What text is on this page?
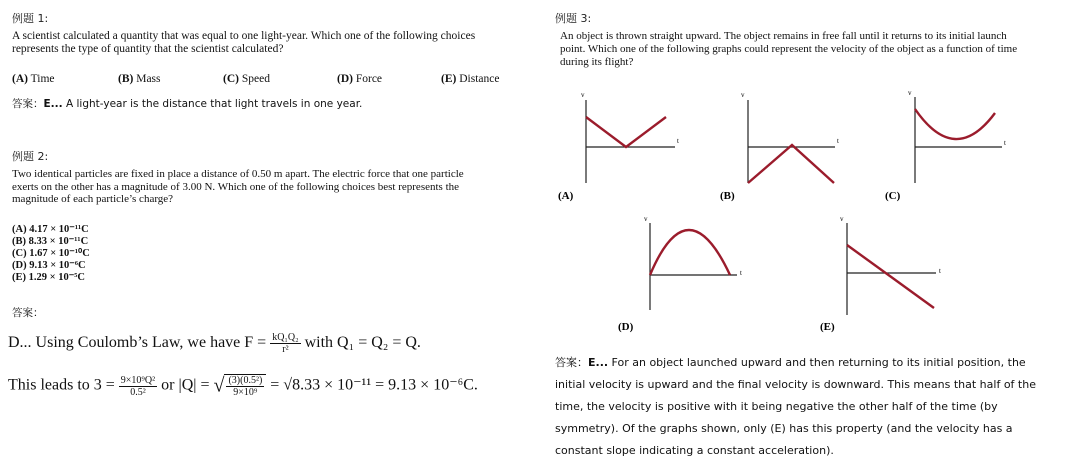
例题 1:
A scientist calculated a quantity that was equal to one light-year. Which one of the following choices
represents the type of quantity that the scientist calculated?
(A) Time	(B) Mass	(C) Speed	(D) Force	(E) Distance
答案：E... A light-year is the distance that light travels in one year.
例题 2:
Two identical particles are fixed in place a distance of 0.50 m apart. The electric force that one particle
exerts on the other has a magnitude of 3.00 N. Which one of the following choices best represents the
magnitude of each particle’s charge?
(A) 4.17 × 10⁻¹¹C
(B) 8.33 × 10⁻¹¹C
(C) 1.67 × 10⁻¹⁰C
(D) 9.13 × 10⁻⁶C
(E) 1.29 × 10⁻⁵C
答案：
D... Using Coulomb’s Law, we have $F = \frac{\text{kQ₁Q₂}}{\text{r²}}$ with Q₁ = Q₂ = Q.
This leads to $3 = \frac{\text{9×10⁹Q²}}{\text{0.5²}}$ or |Q| = √ $\frac{\text{(3)(0.5²)}}{\text{9×10⁹}} = √8.33 \times 10^{-11} = 9.13 \times 10^{-6}C$.
例题 3:
An object is thrown straight upward. The object remains in free fall until it returns to its initial launch
point. Which one of the following graphs could represent the velocity of the object as a function of time
during its flight?
v
t
(A)
v
t
(B)
v
t
(C)
v
t
(D)
v
t
(E)
答案：E... For an object launched upward and then returning to its initial position, the initial velocity is upward and the final velocity is downward. This means that half of the time, the velocity is positive with it being negative the other half of the time (by symmetry). Of the graphs shown, only (E) has this property (and the velocity has a constant slope indicating a constant acceleration).
